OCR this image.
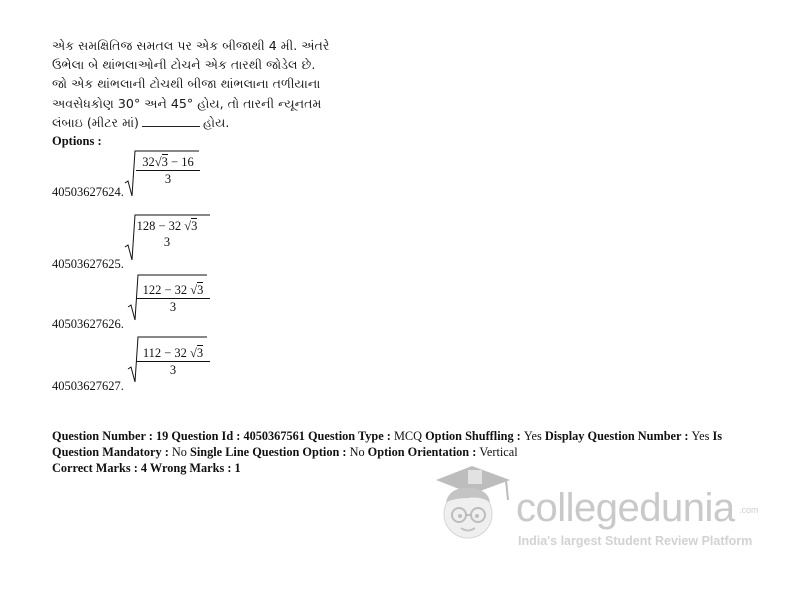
એક સમક્ષિતિજ સમતલ પર એક બીજાથી 4 મી. અંતરે
ઉભેલા બે થાંભલાઓની ટોચને એક તારથી જોડેલ છે.
જો એક થાંભલાની ટોચથી બીજા થાંભલાના તળીયાના
અવસેધકોણ 30° અને 45° હોય, તો તારની ન્યૂનતમ
લંબાઇ (મીટર માં)	હોય.
Options :
$\frac{32√3 - 16}{3}$
40503627624.
128 − 32 √3
3
40503627625.
$\frac{122 - 32 √3}{3}$
40503627626.
$\frac{112 - 32 √3}{3}$
40503627627.
Question Number : 19 Question Id : 4050367561 Question Type : MCQ Option Shuffling : Yes Display Question Number : Yes Is Question Mandatory : No Single Line Question Option : No Option Orientation : Vertical
Correct Marks : 4 Wrong Marks : 1
collegedunia .com
India's largest Student Review Platform
